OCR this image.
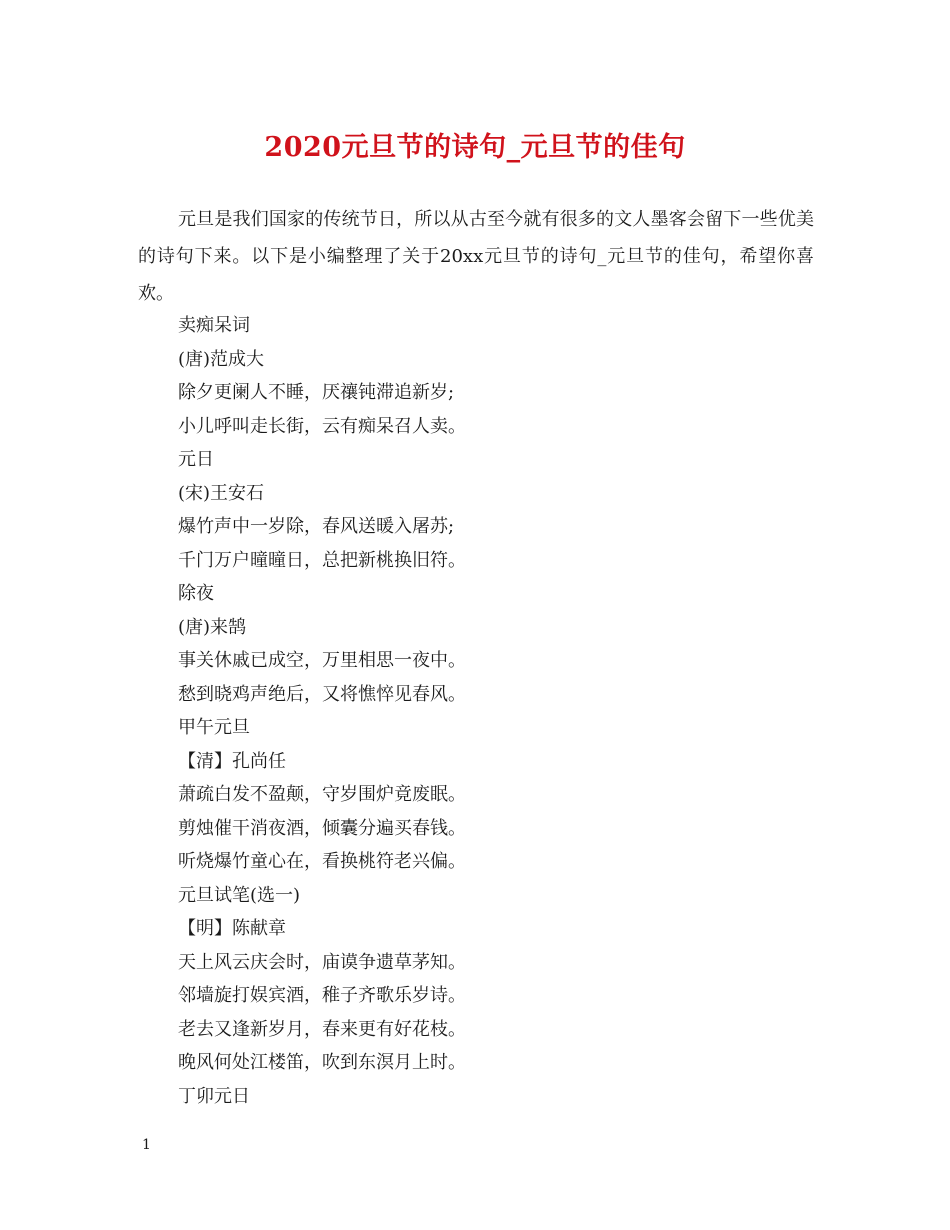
2020元旦节的诗句_元旦节的佳句
元旦是我们国家的传统节日，所以从古至今就有很多的文人墨客会留下一些优美的诗句下来。以下是小编整理了关于20xx元旦节的诗句_元旦节的佳句，希望你喜欢。
卖痴呆词
(唐)范成大
除夕更阑人不睡，厌禳钝滞追新岁;
小儿呼叫走长街，云有痴呆召人卖。
元日
(宋)王安石
爆竹声中一岁除，春风送暖入屠苏;
千门万户曈曈日，总把新桃换旧符。
除夜
(唐)来鹄
事关休戚已成空，万里相思一夜中。
愁到晓鸡声绝后，又将憔悴见春风。
甲午元旦
【清】孔尚任
萧疏白发不盈颠，守岁围炉竟废眠。
剪烛催干消夜酒，倾囊分遍买春钱。
听烧爆竹童心在，看换桃符老兴偏。
元旦试笔(选一)
【明】陈献章
天上风云庆会时，庙谟争遗草茅知。
邻墙旋打娱宾酒，稚子齐歌乐岁诗。
老去又逢新岁月，春来更有好花枝。
晚风何处江楼笛，吹到东溟月上时。
丁卯元日
1
